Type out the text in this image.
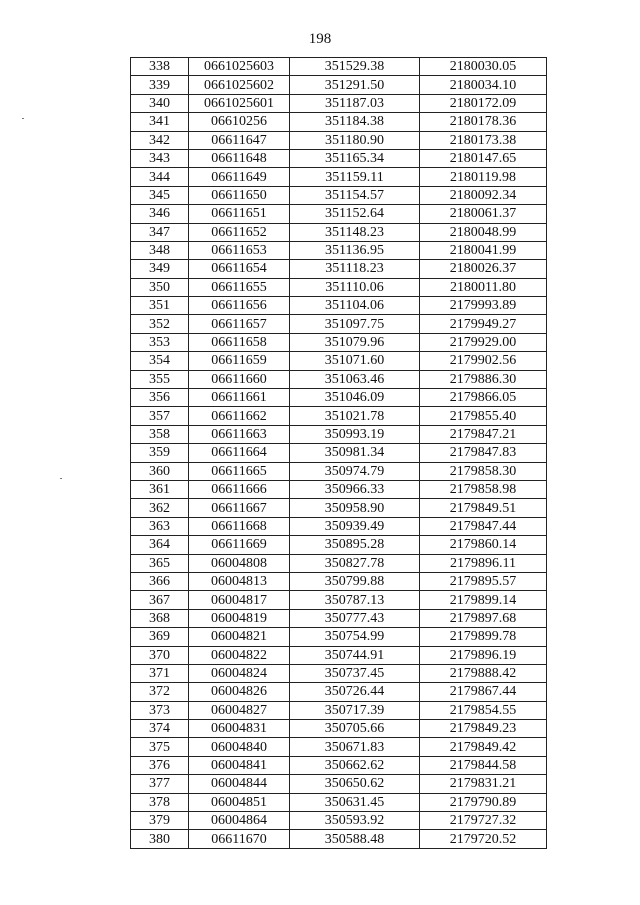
198
338	0661025603	351529.38	2180030.05
339	0661025602	351291.50	2180034.10
340	0661025601	351187.03	2180172.09
341	06610256	351184.38	2180178.36
342	06611647	351180.90	2180173.38
343	06611648	351165.34	2180147.65
344	06611649	351159.11	2180119.98
345	06611650	351154.57	2180092.34
346	06611651	351152.64	2180061.37
347	06611652	351148.23	2180048.99
348	06611653	351136.95	2180041.99
349	06611654	351118.23	2180026.37
350	06611655	351110.06	2180011.80
351	06611656	351104.06	2179993.89
352	06611657	351097.75	2179949.27
353	06611658	351079.96	2179929.00
354	06611659	351071.60	2179902.56
355	06611660	351063.46	2179886.30
356	06611661	351046.09	2179866.05
357	06611662	351021.78	2179855.40
358	06611663	350993.19	2179847.21
359	06611664	350981.34	2179847.83
360	06611665	350974.79	2179858.30
361	06611666	350966.33	2179858.98
362	06611667	350958.90	2179849.51
363	06611668	350939.49	2179847.44
364	06611669	350895.28	2179860.14
365	06004808	350827.78	2179896.11
366	06004813	350799.88	2179895.57
367	06004817	350787.13	2179899.14
368	06004819	350777.43	2179897.68
369	06004821	350754.99	2179899.78
370	06004822	350744.91	2179896.19
371	06004824	350737.45	2179888.42
372	06004826	350726.44	2179867.44
373	06004827	350717.39	2179854.55
374	06004831	350705.66	2179849.23
375	06004840	350671.83	2179849.42
376	06004841	350662.62	2179844.58
377	06004844	350650.62	2179831.21
378	06004851	350631.45	2179790.89
379	06004864	350593.92	2179727.32
380	06611670	350588.48	2179720.52
